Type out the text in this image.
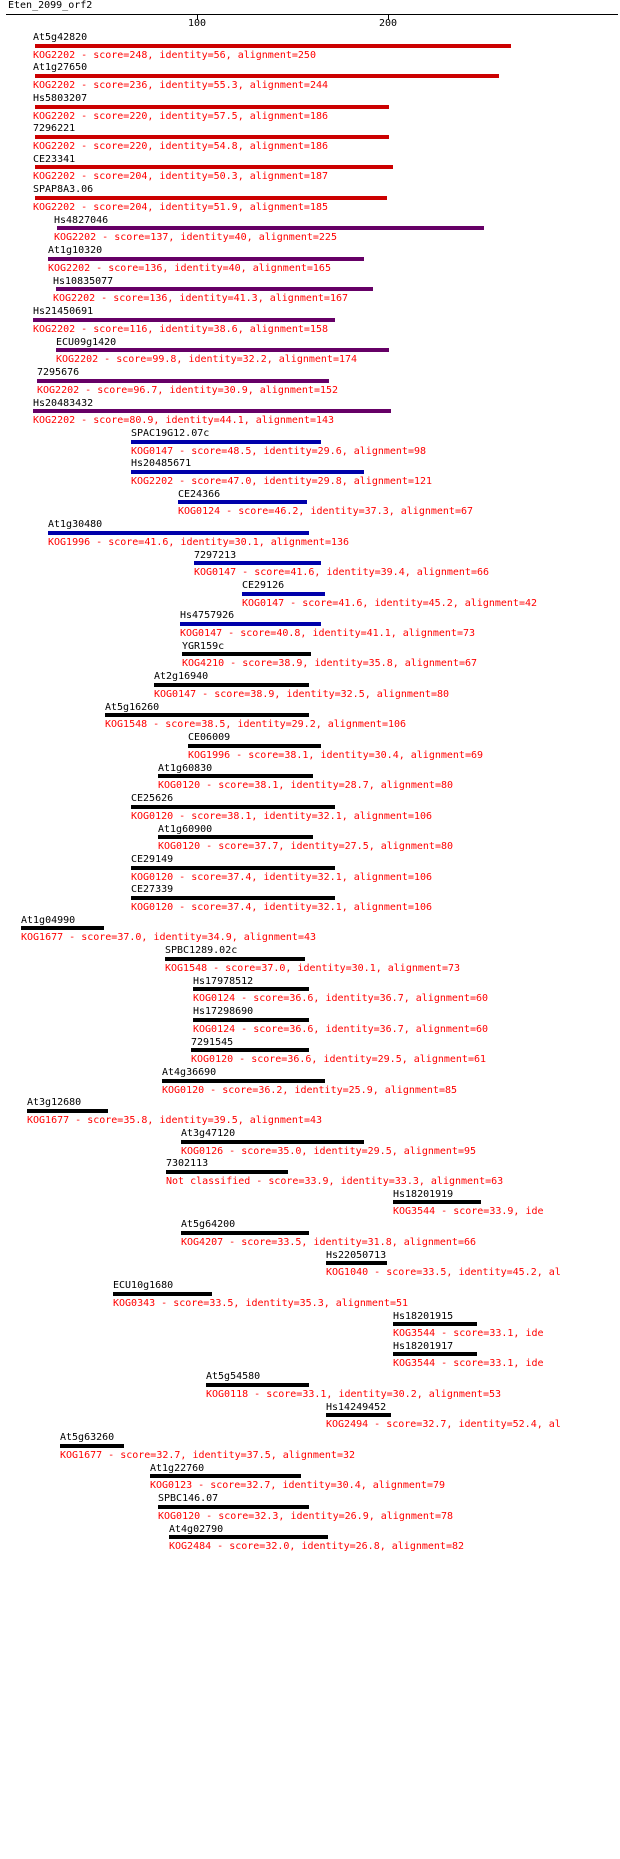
Eten_2099_orf2
100	200
At5g42820
KOG2202 - score=248, identity=56, alignment=250
At1g27650
KOG2202 - score=236, identity=55.3, alignment=244
Hs5803207
KOG2202 - score=220, identity=57.5, alignment=186
7296221
KOG2202 - score=220, identity=54.8, alignment=186
CE23341
KOG2202 - score=204, identity=50.3, alignment=187
SPAP8A3.06
KOG2202 - score=204, identity=51.9, alignment=185
Hs4827046
KOG2202 - score=137, identity=40, alignment=225
At1g10320
KOG2202 - score=136, identity=40, alignment=165
Hs10835077
KOG2202 - score=136, identity=41.3, alignment=167
Hs21450691
KOG2202 - score=116, identity=38.6, alignment=158
ECU09g1420
KOG2202 - score=99.8, identity=32.2, alignment=174
7295676
KOG2202 - score=96.7, identity=30.9, alignment=152
Hs20483432
KOG2202 - score=80.9, identity=44.1, alignment=143
SPAC19G12.07c
KOG0147 - score=48.5, identity=29.6, alignment=98
Hs20485671
KOG2202 - score=47.0, identity=29.8, alignment=121
CE24366
KOG0124 - score=46.2, identity=37.3, alignment=67
At1g30480
KOG1996 - score=41.6, identity=30.1, alignment=136
7297213
KOG0147 - score=41.6, identity=39.4, alignment=66
CE29126
KOG0147 - score=41.6, identity=45.2, alignment=42
Hs4757926
KOG0147 - score=40.8, identity=41.1, alignment=73
YGR159c
KOG4210 - score=38.9, identity=35.8, alignment=67
At2g16940
KOG0147 - score=38.9, identity=32.5, alignment=80
At5g16260
KOG1548 - score=38.5, identity=29.2, alignment=106
CE06009
KOG1996 - score=38.1, identity=30.4, alignment=69
At1g60830
KOG0120 - score=38.1, identity=28.7, alignment=80
CE25626
KOG0120 - score=38.1, identity=32.1, alignment=106
At1g60900
KOG0120 - score=37.7, identity=27.5, alignment=80
CE29149
KOG0120 - score=37.4, identity=32.1, alignment=106
CE27339
KOG0120 - score=37.4, identity=32.1, alignment=106
At1g04990
KOG1677 - score=37.0, identity=34.9, alignment=43
SPBC1289.02c
KOG1548 - score=37.0, identity=30.1, alignment=73
Hs17978512
KOG0124 - score=36.6, identity=36.7, alignment=60
Hs17298690
KOG0124 - score=36.6, identity=36.7, alignment=60
7291545
KOG0120 - score=36.6, identity=29.5, alignment=61
At4g36690
KOG0120 - score=36.2, identity=25.9, alignment=85
At3g12680
KOG1677 - score=35.8, identity=39.5, alignment=43
At3g47120
KOG0126 - score=35.0, identity=29.5, alignment=95
7302113
Not classified - score=33.9, identity=33.3, alignment=63
Hs18201919
KOG3544 - score=33.9, ide
At5g64200
KOG4207 - score=33.5, identity=31.8, alignment=66
Hs22050713
KOG1040 - score=33.5, identity=45.2, al
ECU10g1680
KOG0343 - score=33.5, identity=35.3, alignment=51
Hs18201915
KOG3544 - score=33.1, ide
Hs18201917
KOG3544 - score=33.1, ide
At5g54580
KOG0118 - score=33.1, identity=30.2, alignment=53
Hs14249452
KOG2494 - score=32.7, identity=52.4, al
At5g63260
KOG1677 - score=32.7, identity=37.5, alignment=32
At1g22760
KOG0123 - score=32.7, identity=30.4, alignment=79
SPBC146.07
KOG0120 - score=32.3, identity=26.9, alignment=78
At4g02790
KOG2484 - score=32.0, identity=26.8, alignment=82
